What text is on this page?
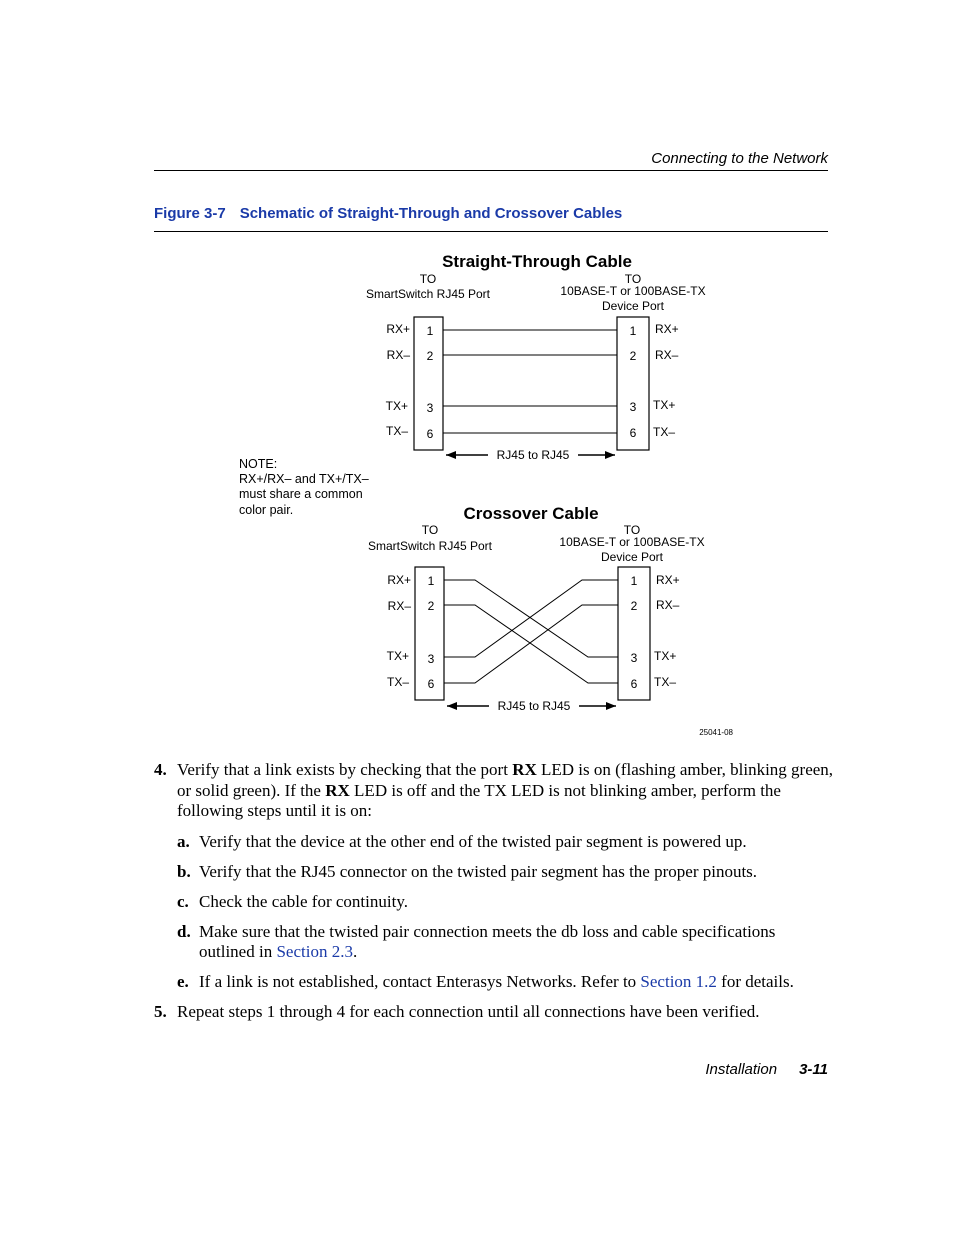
Connecting to the Network
Figure 3-7 Schematic of Straight-Through and Crossover Cables
Straight-Through Cable
TO
SmartSwitch RJ45 Port
TO
10BASE-T or 100BASE-TX
Device Port
1
2
3
6
1
2
3
6
RX+
RX–
TX+
TX–
RX+
RX–
TX+
TX–
RJ45 to RJ45
NOTE:
RX+/RX– and TX+/TX–
must share a common
color pair.	Crossover Cable
TO
SmartSwitch RJ45 Port
TO
10BASE-T or 100BASE-TX
Device Port
1
2
3
6
1
2
3
6
RX+
RX–
TX+
TX–
RX+
RX–
TX+
TX–
RJ45 to RJ45
25041-08
4. Verify that a link exists by checking that the port RX LED is on (flashing amber, blinking green, or solid green). If the RX LED is off and the TX LED is not blinking amber, perform the following steps until it is on:
a. Verify that the device at the other end of the twisted pair segment is powered up.
b. Verify that the RJ45 connector on the twisted pair segment has the proper pinouts.
c. Check the cable for continuity.
d. Make sure that the twisted pair connection meets the db loss and cable specifications outlined in Section 2.3.
e. If a link is not established, contact Enterasys Networks. Refer to Section 1.2 for details.
5. Repeat steps 1 through 4 for each connection until all connections have been verified.
Installation 3-11
